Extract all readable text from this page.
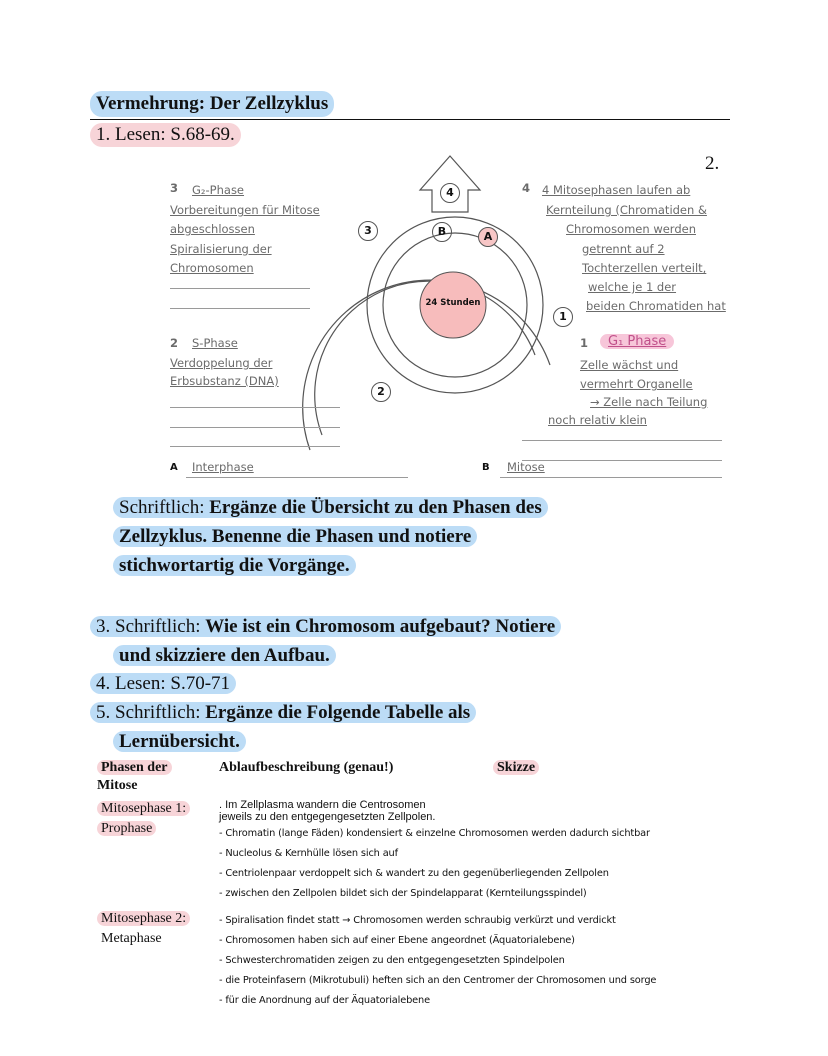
Vermehrung: Der Zellzyklus
1. Lesen: S.68-69.
2.
24 Stunden
4
3	B	A
1
2
3 G₂-Phase
Vorbereitungen für Mitose
abgeschlossen
Spiralisierung der
Chromosomen
2 S-Phase
Verdoppelung der
Erbsubstanz (DNA)
4 4 Mitosephasen laufen ab
Kernteilung (Chromatiden &
Chromosomen werden
getrennt auf 2
Tochterzellen verteilt,
welche je 1 der
beiden Chromatiden hat
1	G₁ Phase
Zelle wächst und
vermehrt Organelle
→ Zelle nach Teilung
noch relativ klein
A Interphase	B Mitose
Schriftlich: Ergänze die Übersicht zu den Phasen des
Zellzyklus. Benenne die Phasen und notiere
stichwortartig die Vorgänge.
3. Schriftlich: Wie ist ein Chromosom aufgebaut? Notiere
und skizziere den Aufbau.
4. Lesen: S.70-71
5. Schriftlich: Ergänze die Folgende Tabelle als
Lernübersicht.
Phasen der
Mitose
Ablaufbeschreibung (genau!)	Skizze
Mitosephase 1:
Prophase
. Im Zellplasma wandern die Centrosomen
jeweils zu den entgegengesetzten Zellpolen.
- Chromatin (lange Fäden) kondensiert & einzelne Chromosomen werden dadurch sichtbar
- Nucleolus & Kernhülle lösen sich auf
- Centriolenpaar verdoppelt sich & wandert zu den gegenüberliegenden Zellpolen
- zwischen den Zellpolen bildet sich der Spindelapparat (Kernteilungsspindel)
Mitosephase 2:
Metaphase
- Spiralisation findet statt → Chromosomen werden schraubig verkürzt und verdickt
- Chromosomen haben sich auf einer Ebene angeordnet (Äquatorialebene)
- Schwesterchromatiden zeigen zu den entgegengesetzten Spindelpolen
- die Proteinfasern (Mikrotubuli) heften sich an den Centromer der Chromosomen und sorge
- für die Anordnung auf der Äquatorialebene
